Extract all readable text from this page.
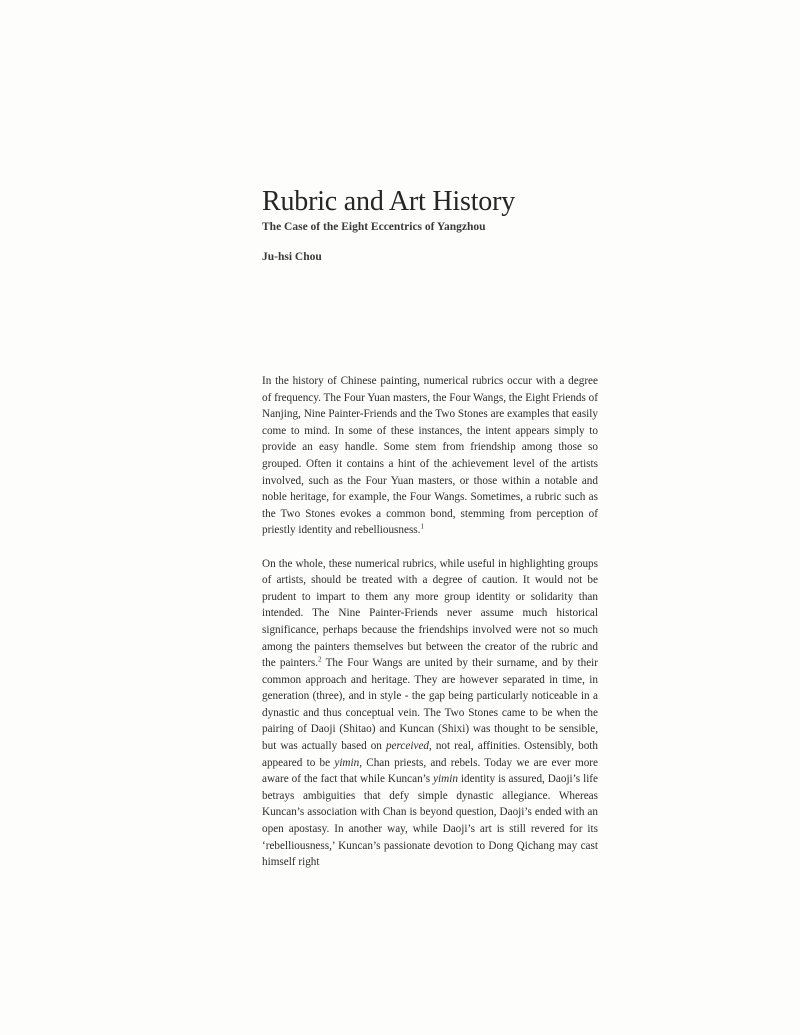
Rubric and Art History
The Case of the Eight Eccentrics of Yangzhou
Ju-hsi Chou

In the history of Chinese painting, numerical rubrics occur with a degree of frequency. The Four Yuan masters, the Four Wangs, the Eight Friends of Nanjing, Nine Painter-Friends and the Two Stones are examples that easily come to mind. In some of these instances, the intent appears simply to provide an easy handle. Some stem from friendship among those so grouped. Often it contains a hint of the achievement level of the artists involved, such as the Four Yuan masters, or those within a notable and noble heritage, for example, the Four Wangs. Sometimes, a rubric such as the Two Stones evokes a common bond, stemming from perception of priestly identity and rebelliousness.$^1$

On the whole, these numerical rubrics, while useful in highlighting groups of artists, should be treated with a degree of caution. It would not be prudent to impart to them any more group identity or solidarity than intended. The Nine Painter-Friends never assume much historical significance, perhaps because the friendships involved were not so much among the painters themselves but between the creator of the rubric and the painters.$^2$ The Four Wangs are united by their surname, and by their common approach and heritage. They are however separated in time, in generation (three), and in style - the gap being particularly noticeable in a dynastic and thus conceptual vein. The Two Stones came to be when the pairing of Daoji (Shitao) and Kuncan (Shixi) was thought to be sensible, but was actually based on perceived, not real, affinities. Ostensibly, both appeared to be yimin, Chan priests, and rebels. Today we are ever more aware of the fact that while Kuncan’s yimin identity is assured, Daoji’s life betrays ambiguities that defy simple dynastic allegiance. Whereas Kuncan’s association with Chan is beyond question, Daoji’s ended with an open apostasy. In another way, while Daoji’s art is still revered for its ‘rebelliousness,’ Kuncan’s passionate devotion to Dong Qichang may cast himself right
